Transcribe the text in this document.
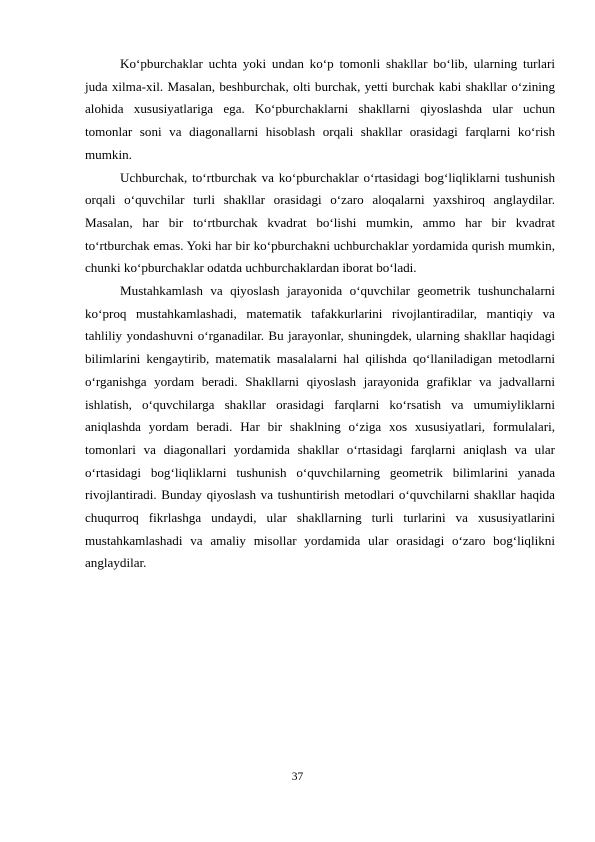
Ko‘pburchaklar uchta yoki undan ko‘p tomonli shakllar bo‘lib, ularning turlari juda xilma-xil. Masalan, beshburchak, olti burchak, yetti burchak kabi shakllar o‘zining alohida xususiyatlariga ega. Ko‘pburchaklarni shakllarni qiyoslashda ular uchun tomonlar soni va diagonallarni hisoblash orqali shakllar orasidagi farqlarni ko‘rish mumkin.

Uchburchak, to‘rtburchak va ko‘pburchaklar o‘rtasidagi bog‘liqliklarni tushunish orqali o‘quvchilar turli shakllar orasidagi o‘zaro aloqalarni yaxshiroq anglaydilar. Masalan, har bir to‘rtburchak kvadrat bo‘lishi mumkin, ammo har bir kvadrat to‘rtburchak emas. Yoki har bir ko‘pburchakni uchburchaklar yordamida qurish mumkin, chunki ko‘pburchaklar odatda uchburchaklardan iborat bo‘ladi.

Mustahkamlash va qiyoslash jarayonida o‘quvchilar geometrik tushunchalarni ko‘proq mustahkamlashadi, matematik tafakkurlarini rivojlantiradilar, mantiqiy va tahliliy yondashuvni o‘rganadilar. Bu jarayonlar, shuningdek, ularning shakllar haqidagi bilimlarini kengaytirib, matematik masalalarni hal qilishda qo‘llaniladigan metodlarni o‘rganishga yordam beradi. Shakllarni qiyoslash jarayonida grafiklar va jadvallarni ishlatish, o‘quvchilarga shakllar orasidagi farqlarni ko‘rsatish va umumiyliklarni aniqlashda yordam beradi. Har bir shaklning o‘ziga xos xususiyatlari, formulalari, tomonlari va diagonallari yordamida shakllar o‘rtasidagi farqlarni aniqlash va ular o‘rtasidagi bog‘liqliklarni tushunish o‘quvchilarning geometrik bilimlarini yanada rivojlantiradi. Bunday qiyoslash va tushuntirish metodlari o‘quvchilarni shakllar haqida chuqurroq fikrlashga undaydi, ular shakllarning turli turlarini va xususiyatlarini mustahkamlashadi va amaliy misollar yordamida ular orasidagi o‘zaro bog‘liqlikni anglaydilar.

37
